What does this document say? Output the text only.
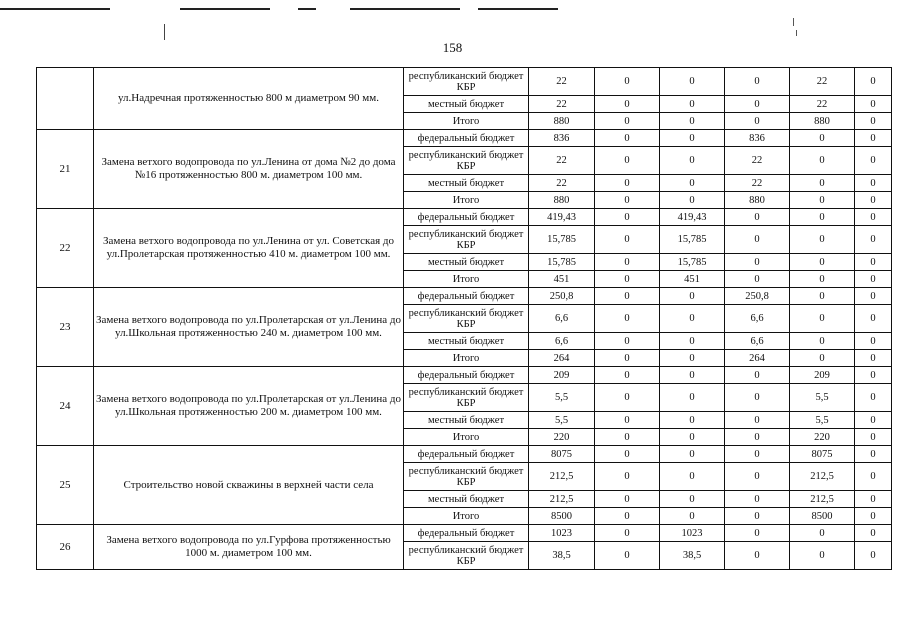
158
	ул.Надречная протяженностью 800 м диаметром 90 мм.	республиканский бюджет КБР	22	0	0	0	22	0
		местный бюджет	22	0	0	0	22	0
		Итого	880	0	0	0	880	0
21	Замена ветхого водопровода по ул.Ленина от дома №2 до дома №16 протяженностью 800 м. диаметром 100 мм.	федеральный бюджет	836	0	0	836	0	0
		республиканский бюджет КБР	22	0	0	22	0	0
		местный бюджет	22	0	0	22	0	0
		Итого	880	0	0	880	0	0
22	Замена ветхого водопровода по ул.Ленина от ул. Советская до ул.Пролетарская протяженностью 410 м. диаметром 100 мм.	федеральный бюджет	419,43	0	419,43	0	0	0
		республиканский бюджет КБР	15,785	0	15,785	0	0	0
		местный бюджет	15,785	0	15,785	0	0	0
		Итого	451	0	451	0	0	0
23	Замена ветхого водопровода по ул.Пролетарская от ул.Ленина до ул.Школьная протяженностью 240 м. диаметром 100 мм.	федеральный бюджет	250,8	0	0	250,8	0	0
		республиканский бюджет КБР	6,6	0	0	6,6	0	0
		местный бюджет	6,6	0	0	6,6	0	0
		Итого	264	0	0	264	0	0
24	Замена ветхого водопровода по ул.Пролетарская от ул.Ленина до ул.Школьная протяженностью 200 м. диаметром 100 мм.	федеральный бюджет	209	0	0	0	209	0
		республиканский бюджет КБР	5,5	0	0	0	5,5	0
		местный бюджет	5,5	0	0	0	5,5	0
		Итого	220	0	0	0	220	0
25	Строительство новой скважины в верхней части села	федеральный бюджет	8075	0	0	0	8075	0
		республиканский бюджет КБР	212,5	0	0	0	212,5	0
		местный бюджет	212,5	0	0	0	212,5	0
		Итого	8500	0	0	0	8500	0
26	Замена ветхого водопровода по ул.Гурфова протяженностью 1000 м. диаметром 100 мм.	федеральный бюджет	1023	0	1023	0	0	0
		республиканский бюджет КБР	38,5	0	38,5	0	0	0
